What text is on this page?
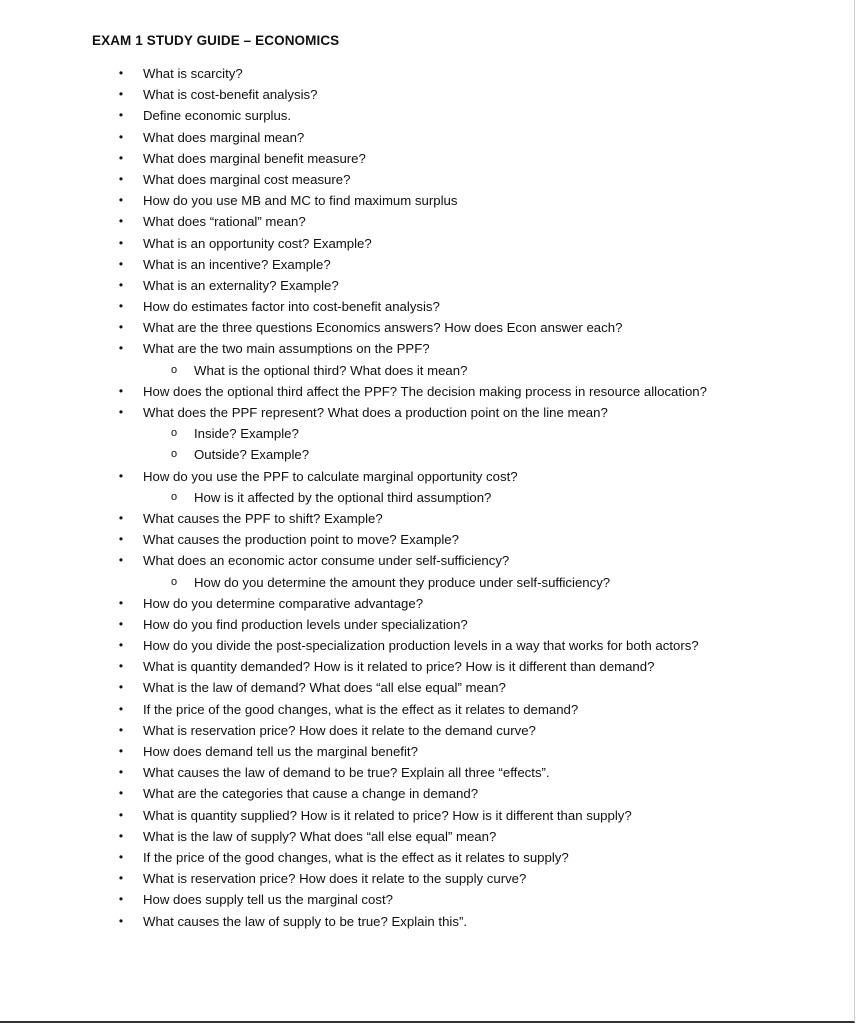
EXAM 1 STUDY GUIDE – ECONOMICS
• What is scarcity?
• What is cost-benefit analysis?
• Define economic surplus.
• What does marginal mean?
• What does marginal benefit measure?
• What does marginal cost measure?
• How do you use MB and MC to find maximum surplus
• What does “rational” mean?
• What is an opportunity cost? Example?
• What is an incentive? Example?
• What is an externality? Example?
• How do estimates factor into cost-benefit analysis?
• What are the three questions Economics answers? How does Econ answer each?
• What are the two main assumptions on the PPF?
o What is the optional third? What does it mean?
• How does the optional third affect the PPF? The decision making process in resource allocation?
• What does the PPF represent? What does a production point on the line mean?
o Inside? Example?
o Outside? Example?
• How do you use the PPF to calculate marginal opportunity cost?
o How is it affected by the optional third assumption?
• What causes the PPF to shift? Example?
• What causes the production point to move? Example?
• What does an economic actor consume under self-sufficiency?
o How do you determine the amount they produce under self-sufficiency?
• How do you determine comparative advantage?
• How do you find production levels under specialization?
• How do you divide the post-specialization production levels in a way that works for both actors?
• What is quantity demanded? How is it related to price? How is it different than demand?
• What is the law of demand? What does “all else equal” mean?
• If the price of the good changes, what is the effect as it relates to demand?
• What is reservation price? How does it relate to the demand curve?
• How does demand tell us the marginal benefit?
• What causes the law of demand to be true? Explain all three “effects”.
• What are the categories that cause a change in demand?
• What is quantity supplied? How is it related to price? How is it different than supply?
• What is the law of supply? What does “all else equal” mean?
• If the price of the good changes, what is the effect as it relates to supply?
• What is reservation price? How does it relate to the supply curve?
• How does supply tell us the marginal cost?
• What causes the law of supply to be true? Explain this”.
